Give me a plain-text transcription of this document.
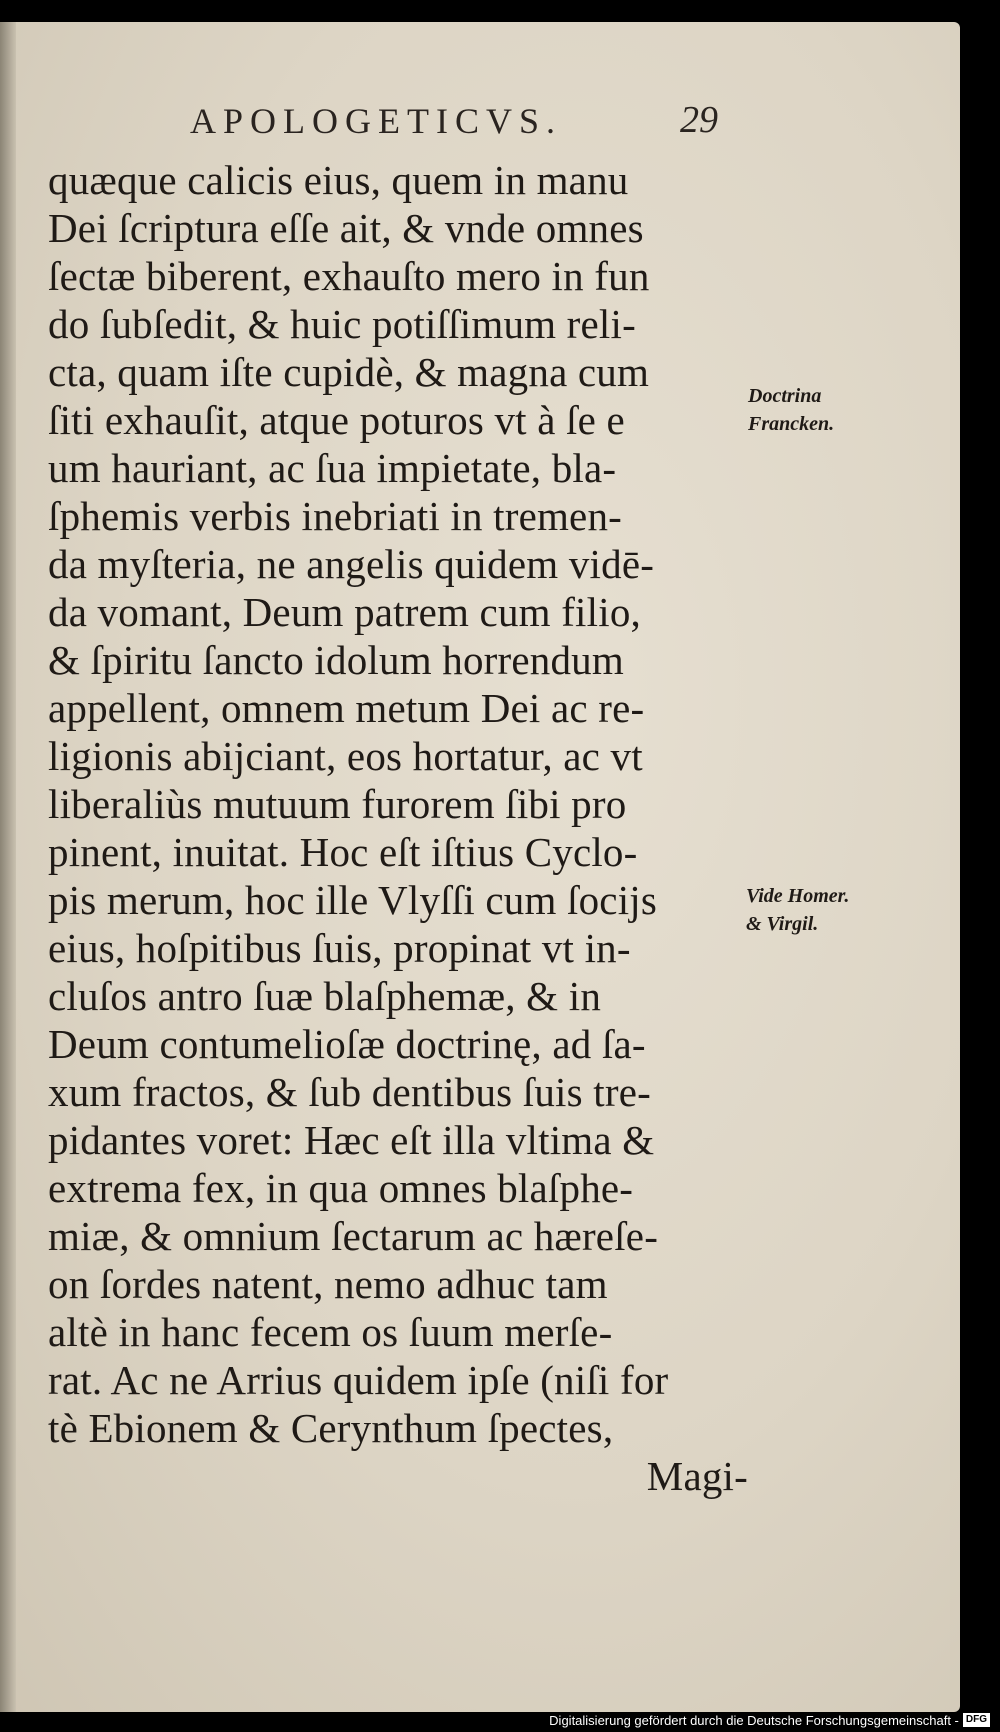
APOLOGETICVS.	29
quæque calicis eius, quem in manu
Dei ſcriptura eſſe ait, & vnde omnes
ſectæ biberent, exhauſto mero in fun
do ſubſedit, & huic potiſſimum reli-
cta, quam iſte cupidè, & magna cum
ſiti exhauſit, atque poturos vt à ſe e
um hauriant, ac ſua impietate, bla-
ſphemis verbis inebriati in tremen-
da myſteria, ne angelis quidem vidē-
da vomant, Deum patrem cum filio,
& ſpiritu ſancto idolum horrendum
appellent, omnem metum Dei ac re-
ligionis abijciant, eos hortatur, ac vt
liberaliùs mutuum furorem ſibi pro
pinent, inuitat. Hoc eſt iſtius Cyclo-
pis merum, hoc ille Vlyſſi cum ſocijs
eius, hoſpitibus ſuis, propinat vt in-
cluſos antro ſuæ blaſphemæ, & in
Deum contumelioſæ doctrinę, ad ſa-
xum fractos, & ſub dentibus ſuis tre-
pidantes voret: Hæc eſt illa vltima &
extrema fex, in qua omnes blaſphe-
miæ, & omnium ſectarum ac hæreſe-
on ſordes natent, nemo adhuc tam
altè in hanc fecem os ſuum merſe-
rat. Ac ne Arrius quidem ipſe (niſi for
tè Ebionem & Cerynthum ſpectes,
Magi-
Doctrina
Francken.
Vide Homer.
& Virgil.
Digitalisierung gefördert durch die Deutsche Forschungsgemeinschaft - DFG
